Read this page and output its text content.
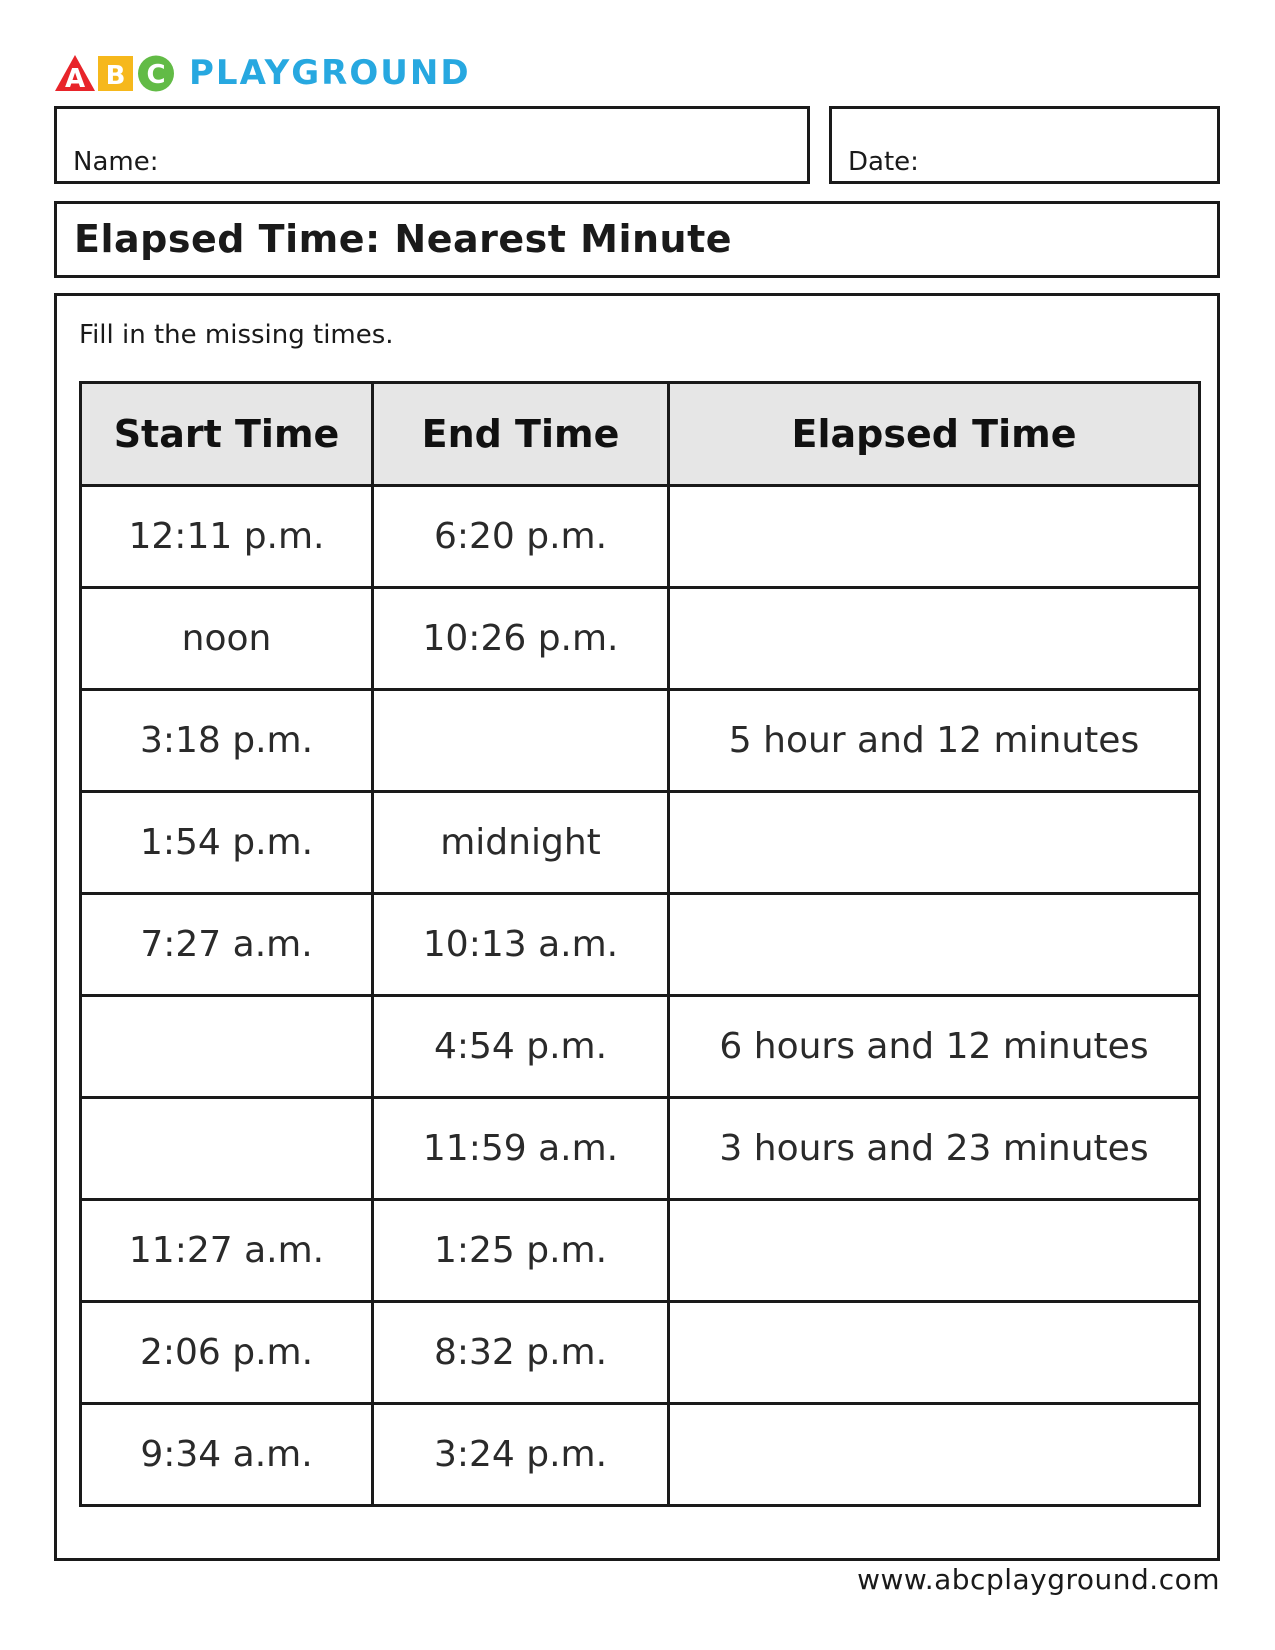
A B C PLAYGROUND
Name:	Date:
Elapsed Time: Nearest Minute
Fill in the missing times.
Start Time	End Time	Elapsed Time
12:11 p.m.	6:20 p.m.	
noon	10:26 p.m.	
3:18 p.m.		5 hour and 12 minutes
1:54 p.m.	midnight	
7:27 a.m.	10:13 a.m.	
	4:54 p.m.	6 hours and 12 minutes
	11:59 a.m.	3 hours and 23 minutes
11:27 a.m.	1:25 p.m.	
2:06 p.m.	8:32 p.m.	
9:34 a.m.	3:24 p.m.	
www.abcplayground.com
